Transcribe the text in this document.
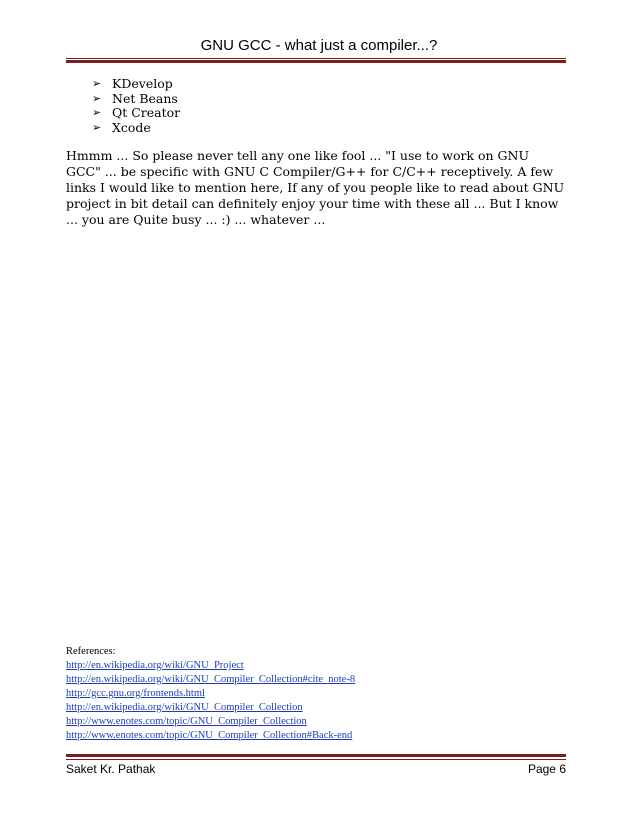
GNU GCC - what just a compiler...?
➢ KDevelop
➢ Net Beans
➢ Qt Creator
➢ Xcode

Hmmm ... So please never tell any one like fool ... "I use to work on GNU GCC" ... be specific with GNU C Compiler/G++ for C/C++ receptively. A few links I would like to mention here, If any of you people like to read about GNU project in bit detail can definitely enjoy your time with these all ... But I know ... you are Quite busy ... :) ... whatever ...

References:
http://en.wikipedia.org/wiki/GNU_Project
http://en.wikipedia.org/wiki/GNU_Compiler_Collection#cite_note-8
http://gcc.gnu.org/frontends.html
http://en.wikipedia.org/wiki/GNU_Compiler_Collection
http://www.enotes.com/topic/GNU_Compiler_Collection
http://www.enotes.com/topic/GNU_Compiler_Collection#Back-end
Saket Kr. Pathak	Page 6
